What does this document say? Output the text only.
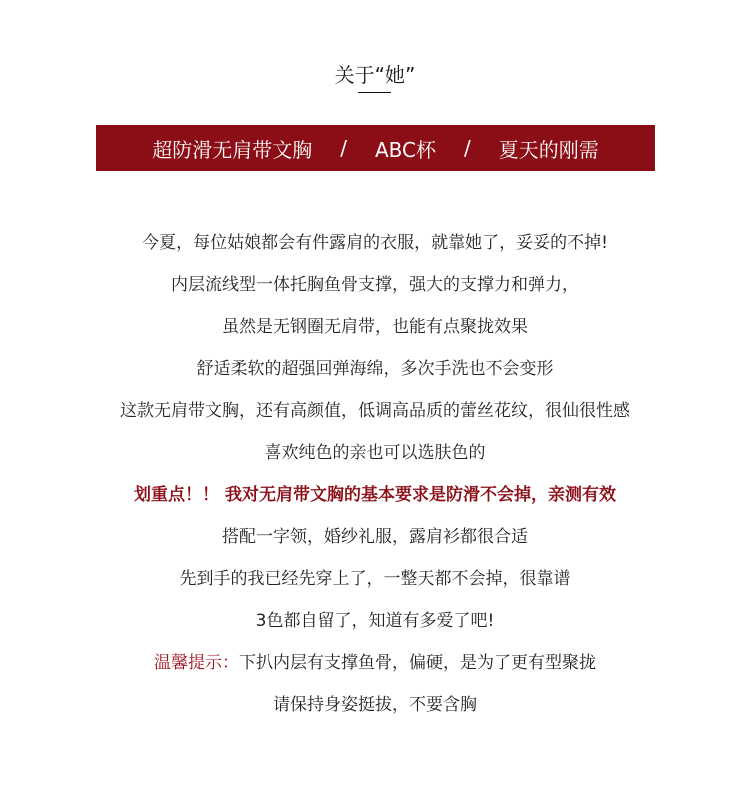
关于“她”
超防滑无肩带文胸 / ABC杯 / 夏天的刚需
今夏，每位姑娘都会有件露肩的衣服，就靠她了，妥妥的不掉!
内层流线型一体托胸鱼骨支撑，强大的支撑力和弹力，
虽然是无钢圈无肩带，也能有点聚拢效果
舒适柔软的超强回弹海绵，多次手洗也不会变形
这款无肩带文胸，还有高颜值，低调高品质的蕾丝花纹，很仙很性感
喜欢纯色的亲也可以选肤色的
划重点！！ 我对无肩带文胸的基本要求是防滑不会掉，亲测有效
搭配一字领，婚纱礼服，露肩衫都很合适
先到手的我已经先穿上了，一整天都不会掉，很靠谱
3色都自留了，知道有多爱了吧!
温馨提示：下扒内层有支撑鱼骨，偏硬，是为了更有型聚拢
请保持身姿挺拔，不要含胸
